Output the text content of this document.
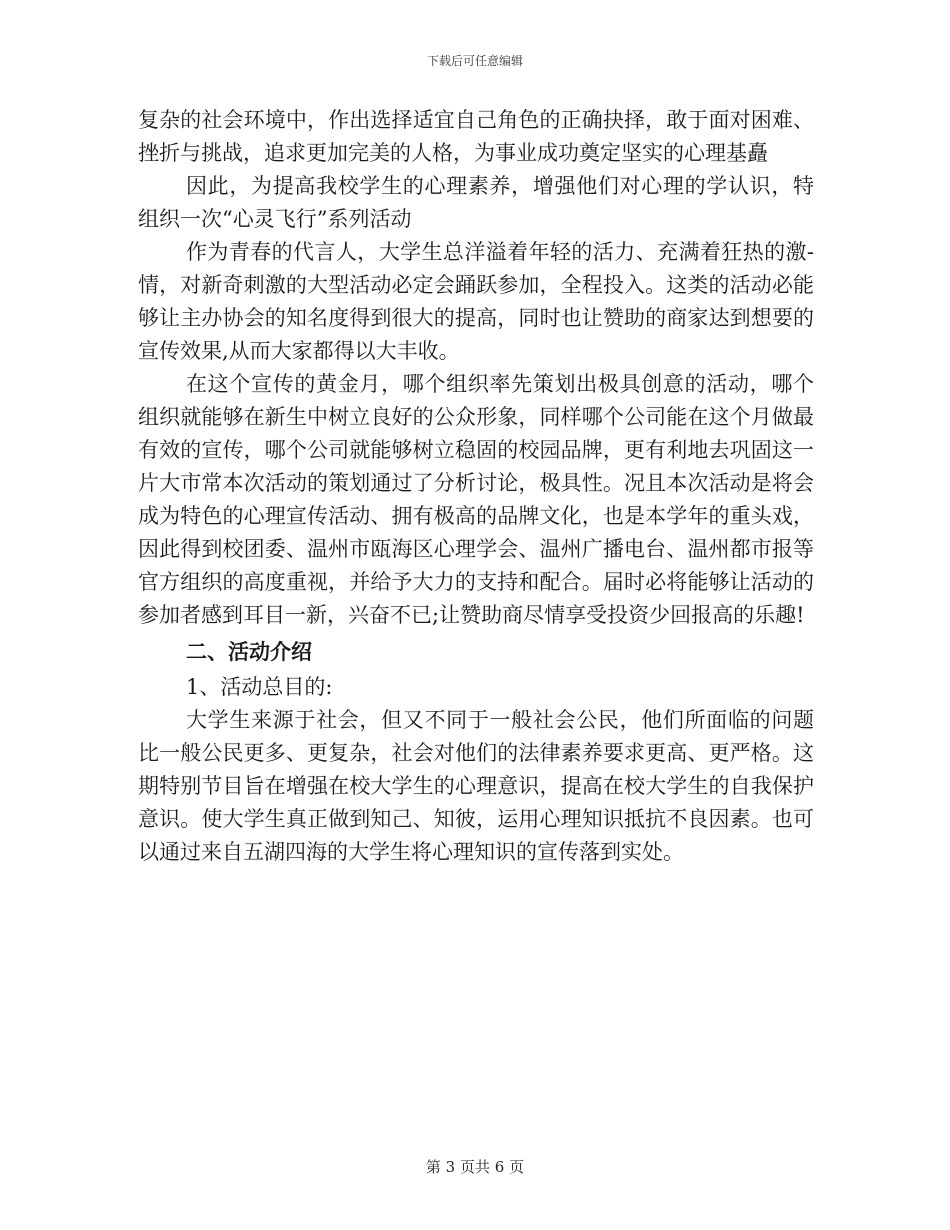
下载后可任意编辑

复杂的社会环境中，作出选择适宜自己角色的正确抉择，敢于面对困难、挫折与挑战，追求更加完美的人格，为事业成功奠定坚实的心理基矗

因此，为提高我校学生的心理素养，增强他们对心理的学认识，特组织一次“心灵飞行”系列活动

作为青春的代言人，大学生总洋溢着年轻的活力、充满着狂热的激-情，对新奇刺激的大型活动必定会踊跃参加，全程投入。这类的活动必能够让主办协会的知名度得到很大的提高，同时也让赞助的商家达到想要的宣传效果,从而大家都得以大丰收。

在这个宣传的黄金月，哪个组织率先策划出极具创意的活动，哪个组织就能够在新生中树立良好的公众形象，同样哪个公司能在这个月做最有效的宣传，哪个公司就能够树立稳固的校园品牌，更有利地去巩固这一片大市常本次活动的策划通过了分析讨论，极具性。况且本次活动是将会成为特色的心理宣传活动、拥有极高的品牌文化，也是本学年的重头戏，因此得到校团委、温州市瓯海区心理学会、温州广播电台、温州都市报等官方组织的高度重视，并给予大力的支持和配合。届时必将能够让活动的参加者感到耳目一新，兴奋不已;让赞助商尽情享受投资少回报高的乐趣!

二、活动介绍

1、活动总目的:

大学生来源于社会，但又不同于一般社会公民，他们所面临的问题比一般公民更多、更复杂，社会对他们的法律素养要求更高、更严格。这期特别节目旨在增强在校大学生的心理意识，提高在校大学生的自我保护意识。使大学生真正做到知己、知彼，运用心理知识抵抗不良因素。也可以通过来自五湖四海的大学生将心理知识的宣传落到实处。

第 3 页共 6 页
